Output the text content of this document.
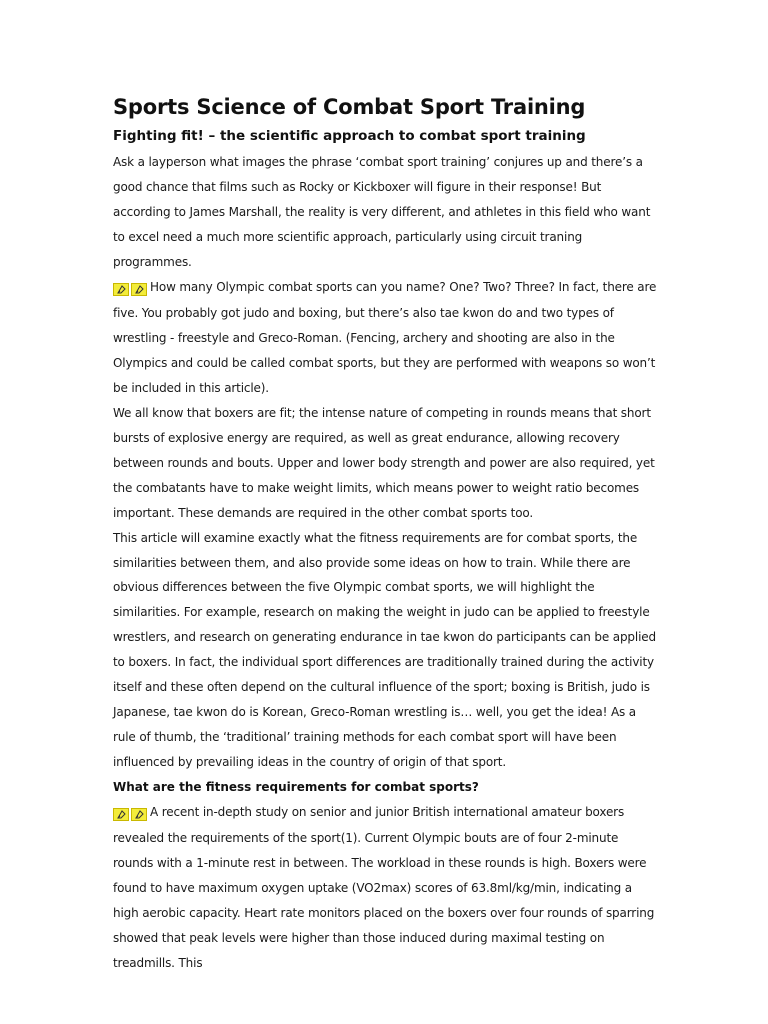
Sports Science of Combat Sport Training
Fighting fit! – the scientific approach to combat sport training

Ask a layperson what images the phrase ‘combat sport training’ conjures up and there’s a good chance that films such as Rocky or Kickboxer will figure in their response! But according to James Marshall, the reality is very different, and athletes in this field who want to excel need a much more scientific approach, particularly using circuit traning programmes.

How many Olympic combat sports can you name? One? Two? Three? In fact, there are five. You probably got judo and boxing, but there’s also tae kwon do and two types of wrestling - freestyle and Greco-Roman. (Fencing, archery and shooting are also in the Olympics and could be called combat sports, but they are performed with weapons so won’t be included in this article).

We all know that boxers are fit; the intense nature of competing in rounds means that short bursts of explosive energy are required, as well as great endurance, allowing recovery between rounds and bouts. Upper and lower body strength and power are also required, yet the combatants have to make weight limits, which means power to weight ratio becomes important. These demands are required in the other combat sports too.

This article will examine exactly what the fitness requirements are for combat sports, the similarities between them, and also provide some ideas on how to train. While there are obvious differences between the five Olympic combat sports, we will highlight the similarities. For example, research on making the weight in judo can be applied to freestyle wrestlers, and research on generating endurance in tae kwon do participants can be applied to boxers. In fact, the individual sport differences are traditionally trained during the activity itself and these often depend on the cultural influence of the sport; boxing is British, judo is Japanese, tae kwon do is Korean, Greco-Roman wrestling is… well, you get the idea! As a rule of thumb, the ‘traditional’ training methods for each combat sport will have been influenced by prevailing ideas in the country of origin of that sport.

What are the fitness requirements for combat sports?

A recent in-depth study on senior and junior British international amateur boxers revealed the requirements of the sport(1). Current Olympic bouts are of four 2-minute rounds with a 1-minute rest in between. The workload in these rounds is high. Boxers were found to have maximum oxygen uptake (VO2max) scores of 63.8ml/kg/min, indicating a high aerobic capacity. Heart rate monitors placed on the boxers over four rounds of sparring showed that peak levels were higher than those induced during maximal testing on treadmills. This
